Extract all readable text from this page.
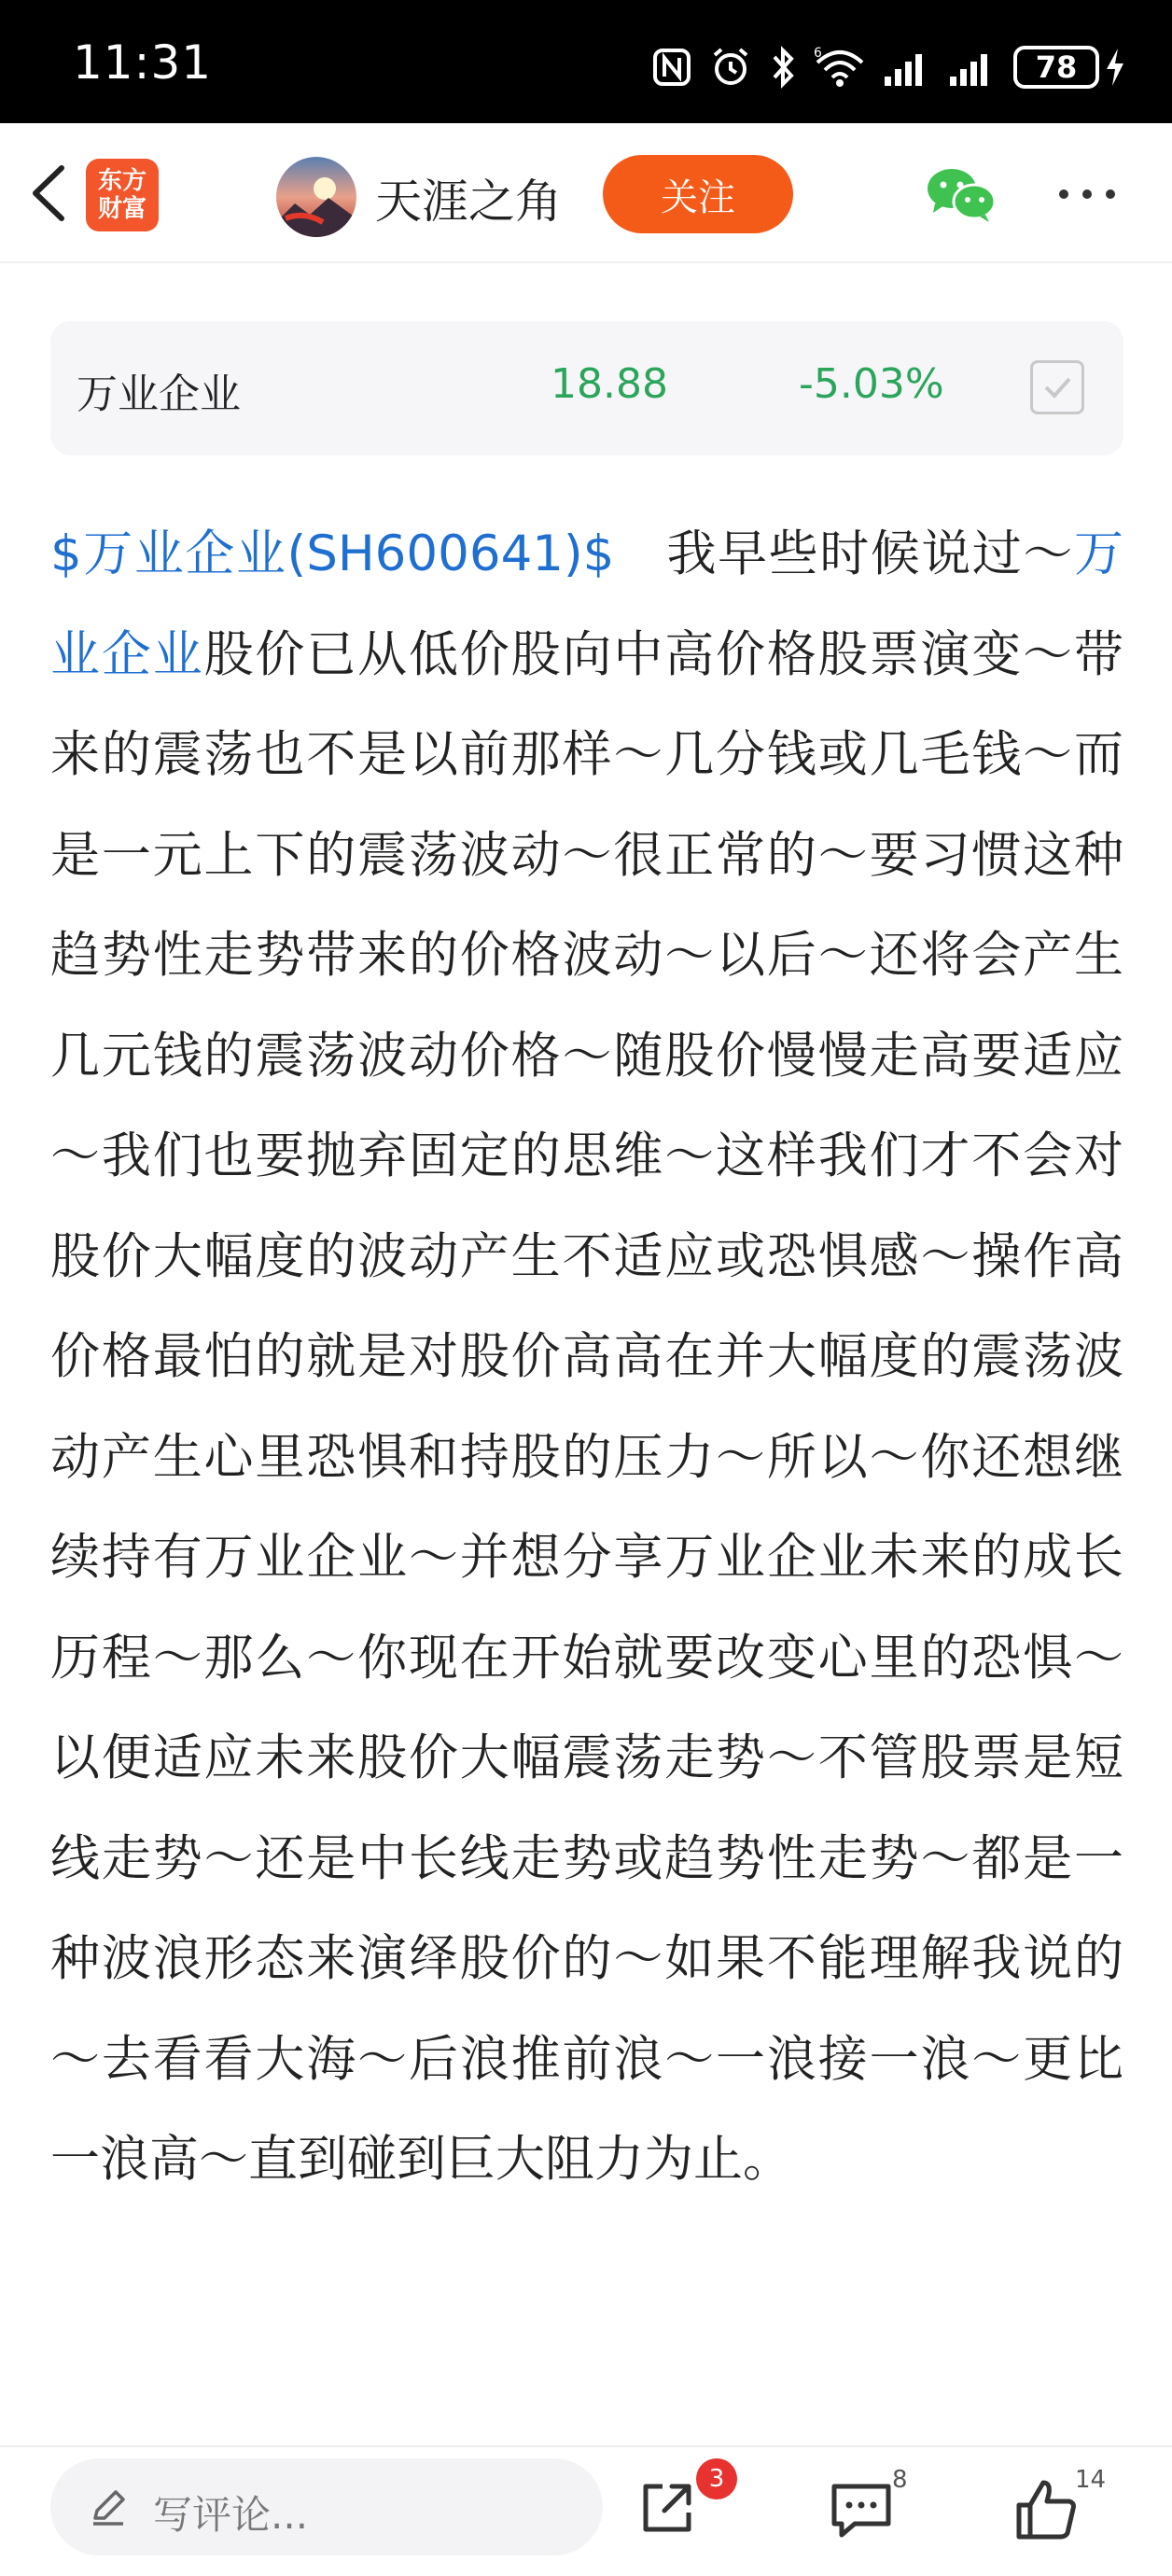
11:31	6	78
东方
财富	天涯之角	关注
万业企业	18.88	-5.03%
$万业企业(SH600641)$　我早些时候说过～万业企业股价已从低价股向中高价格股票演变～带来的震荡也不是以前那样～几分钱或几毛钱～而是一元上下的震荡波动～很正常的～要习惯这种趋势性走势带来的价格波动～以后～还将会产生几元钱的震荡波动价格～随股价慢慢走高要适应～我们也要抛弃固定的思维～这样我们才不会对股价大幅度的波动产生不适应或恐惧感～操作高价格最怕的就是对股价高高在并大幅度的震荡波动产生心里恐惧和持股的压力～所以～你还想继续持有万业企业～并想分享万业企业未来的成长历程～那么～你现在开始就要改变心里的恐惧～以便适应未来股价大幅震荡走势～不管股票是短线走势～还是中长线走势或趋势性走势～都是一种波浪形态来演绎股价的～如果不能理解我说的～去看看大海～后浪推前浪～一浪接一浪～更比一浪高～直到碰到巨大阻力为止。
写评论...
3	8	14
